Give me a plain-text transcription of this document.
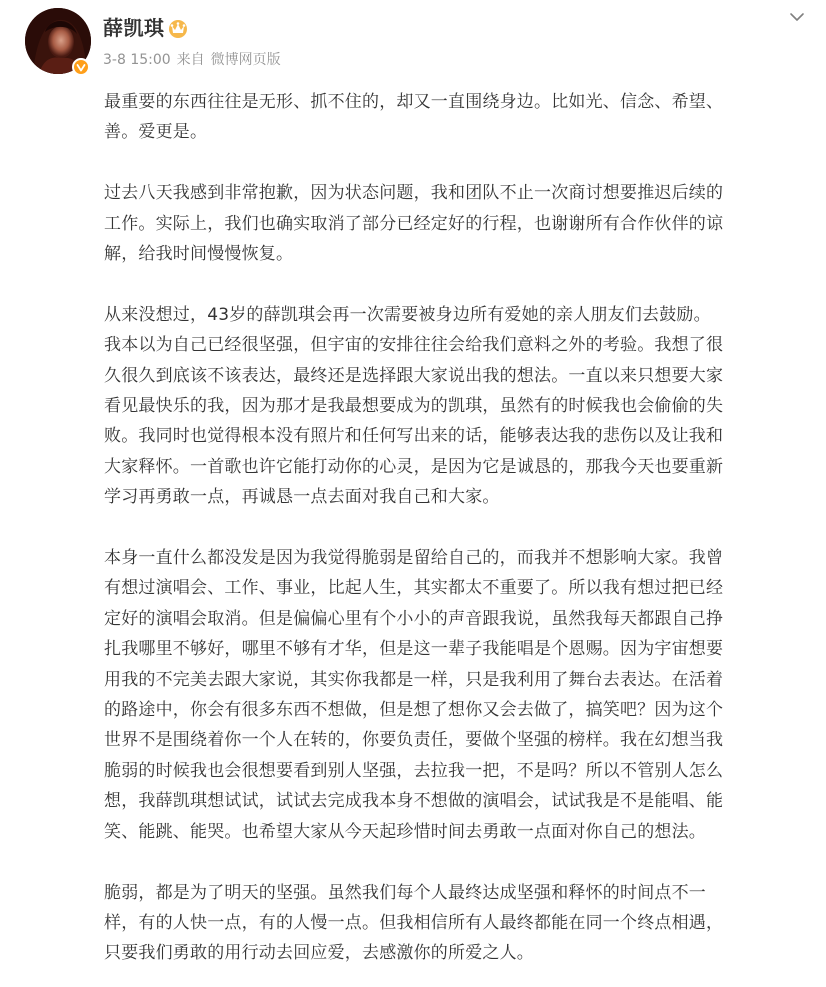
薛凯琪
3-8 15:00 来自 微博网页版

最重要的东西往往是无形、抓不住的，却又一直围绕身边。比如光、信念、希望、
善。爱更是。

过去八天我感到非常抱歉，因为状态问题，我和团队不止一次商讨想要推迟后续的
工作。实际上，我们也确实取消了部分已经定好的行程，也谢谢所有合作伙伴的谅
解，给我时间慢慢恢复。

从来没想过，43岁的薛凯琪会再一次需要被身边所有爱她的亲人朋友们去鼓励。
我本以为自己已经很坚强，但宇宙的安排往往会给我们意料之外的考验。我想了很
久很久到底该不该表达，最终还是选择跟大家说出我的想法。一直以来只想要大家
看见最快乐的我，因为那才是我最想要成为的凯琪，虽然有的时候我也会偷偷的失
败。我同时也觉得根本没有照片和任何写出来的话，能够表达我的悲伤以及让我和
大家释怀。一首歌也许它能打动你的心灵，是因为它是诚恳的，那我今天也要重新
学习再勇敢一点，再诚恳一点去面对我自己和大家。

本身一直什么都没发是因为我觉得脆弱是留给自己的，而我并不想影响大家。我曾
有想过演唱会、工作、事业，比起人生，其实都太不重要了。所以我有想过把已经
定好的演唱会取消。但是偏偏心里有个小小的声音跟我说，虽然我每天都跟自己挣
扎我哪里不够好，哪里不够有才华，但是这一辈子我能唱是个恩赐。因为宇宙想要
用我的不完美去跟大家说，其实你我都是一样，只是我利用了舞台去表达。在活着
的路途中，你会有很多东西不想做，但是想了想你又会去做了，搞笑吧？因为这个
世界不是围绕着你一个人在转的，你要负责任，要做个坚强的榜样。我在幻想当我
脆弱的时候我也会很想要看到别人坚强，去拉我一把，不是吗？所以不管别人怎么
想，我薛凯琪想试试，试试去完成我本身不想做的演唱会，试试我是不是能唱、能
笑、能跳、能哭。也希望大家从今天起珍惜时间去勇敢一点面对你自己的想法。

脆弱，都是为了明天的坚强。虽然我们每个人最终达成坚强和释怀的时间点不一
样，有的人快一点，有的人慢一点。但我相信所有人最终都能在同一个终点相遇，
只要我们勇敢的用行动去回应爱，去感激你的所爱之人。
